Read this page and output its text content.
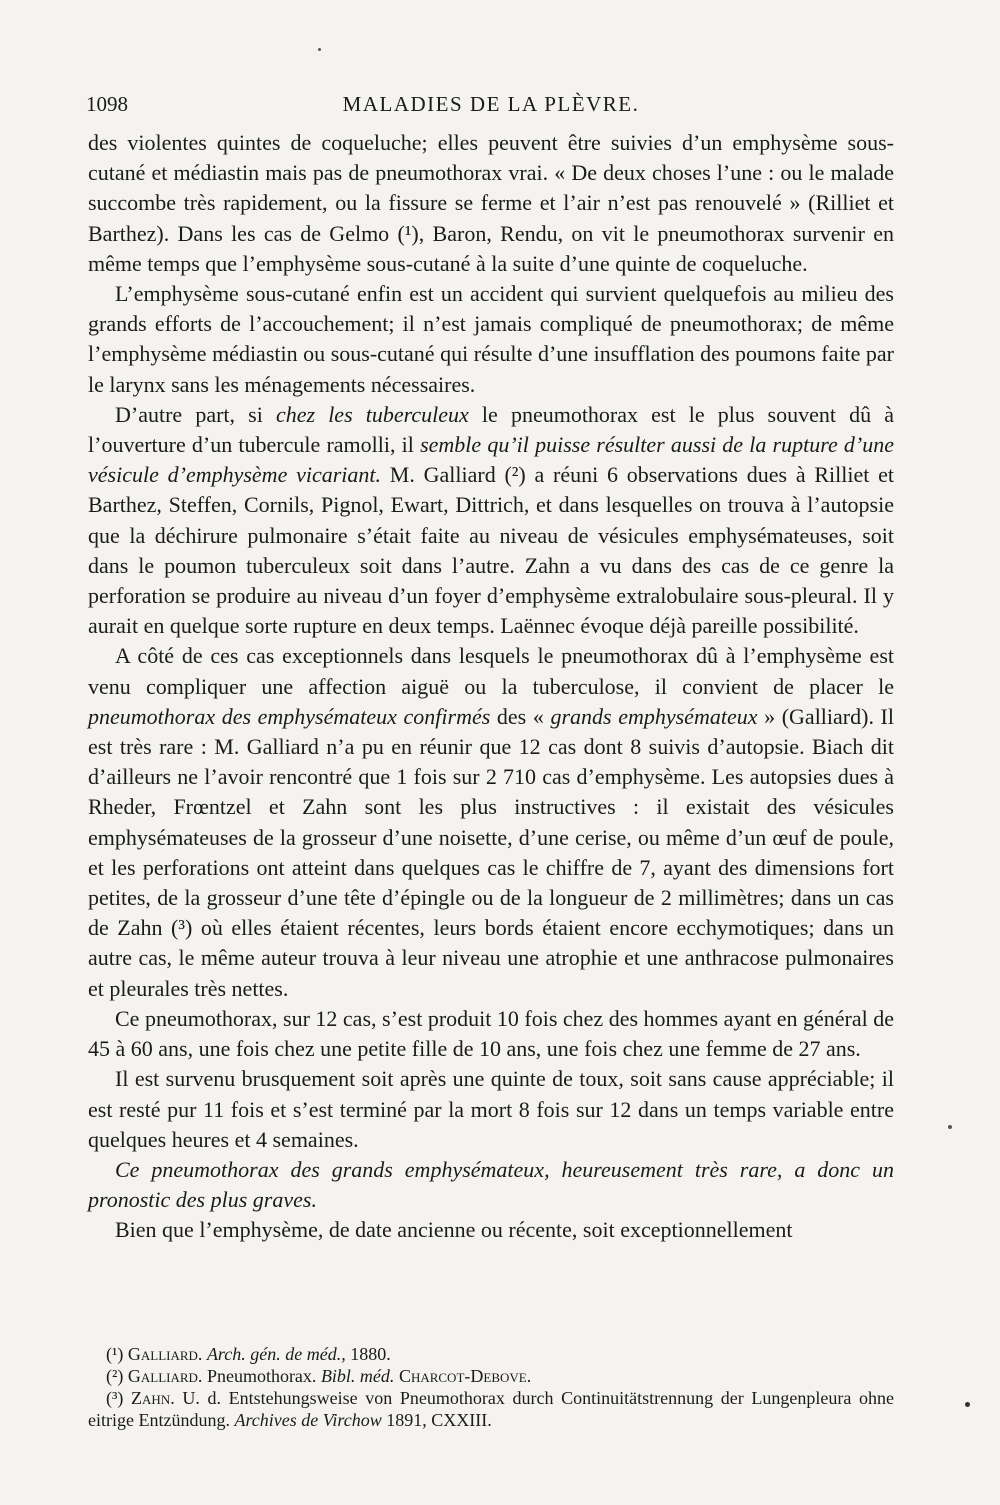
1098	MALADIES DE LA PLÈVRE.

des violentes quintes de coqueluche; elles peuvent être suivies d’un emphysème sous-cutané et médiastin mais pas de pneumothorax vrai. « De deux choses l’une : ou le malade succombe très rapidement, ou la fissure se ferme et l’air n’est pas renouvelé » (Rilliet et Barthez). Dans les cas de Gelmo (¹), Baron, Rendu, on vit le pneumothorax survenir en même temps que l’emphysème sous-cutané à la suite d’une quinte de coqueluche.

L’emphysème sous-cutané enfin est un accident qui survient quelquefois au milieu des grands efforts de l’accouchement; il n’est jamais compliqué de pneumothorax; de même l’emphysème médiastin ou sous-cutané qui résulte d’une insufflation des poumons faite par le larynx sans les ménagements nécessaires.

D’autre part, si chez les tuberculeux le pneumothorax est le plus souvent dû à l’ouverture d’un tubercule ramolli, il semble qu’il puisse résulter aussi de la rupture d’une vésicule d’emphysème vicariant. M. Galliard (²) a réuni 6 observations dues à Rilliet et Barthez, Steffen, Cornils, Pignol, Ewart, Dittrich, et dans lesquelles on trouva à l’autopsie que la déchirure pulmonaire s’était faite au niveau de vésicules emphysémateuses, soit dans le poumon tuberculeux soit dans l’autre. Zahn a vu dans des cas de ce genre la perforation se produire au niveau d’un foyer d’emphysème extralobulaire sous-pleural. Il y aurait en quelque sorte rupture en deux temps. Laënnec évoque déjà pareille possibilité.

A côté de ces cas exceptionnels dans lesquels le pneumothorax dû à l’emphysème est venu compliquer une affection aiguë ou la tuberculose, il convient de placer le pneumothorax des emphysémateux confirmés des « grands emphysémateux » (Galliard). Il est très rare : M. Galliard n’a pu en réunir que 12 cas dont 8 suivis d’autopsie. Biach dit d’ailleurs ne l’avoir rencontré que 1 fois sur 2 710 cas d’emphysème. Les autopsies dues à Rheder, Frœntzel et Zahn sont les plus instructives : il existait des vésicules emphysémateuses de la grosseur d’une noisette, d’une cerise, ou même d’un œuf de poule, et les perforations ont atteint dans quelques cas le chiffre de 7, ayant des dimensions fort petites, de la grosseur d’une tête d’épingle ou de la longueur de 2 millimètres; dans un cas de Zahn (³) où elles étaient récentes, leurs bords étaient encore ecchymotiques; dans un autre cas, le même auteur trouva à leur niveau une atrophie et une anthracose pulmonaires et pleurales très nettes.

Ce pneumothorax, sur 12 cas, s’est produit 10 fois chez des hommes ayant en général de 45 à 60 ans, une fois chez une petite fille de 10 ans, une fois chez une femme de 27 ans.

Il est survenu brusquement soit après une quinte de toux, soit sans cause appréciable; il est resté pur 11 fois et s’est terminé par la mort 8 fois sur 12 dans un temps variable entre quelques heures et 4 semaines.

Ce pneumothorax des grands emphysémateux, heureusement très rare, a donc un pronostic des plus graves.

Bien que l’emphysème, de date ancienne ou récente, soit exceptionnellement

(¹) Galliard. Arch. gén. de méd., 1880.

(²) Galliard. Pneumothorax. Bibl. méd. Charcot-Debove.

(³) Zahn. U. d. Entstehungsweise von Pneumothorax durch Continuitätstrennung der Lungenpleura ohne eitrige Entzündung. Archives de Virchow 1891, CXXIII.
